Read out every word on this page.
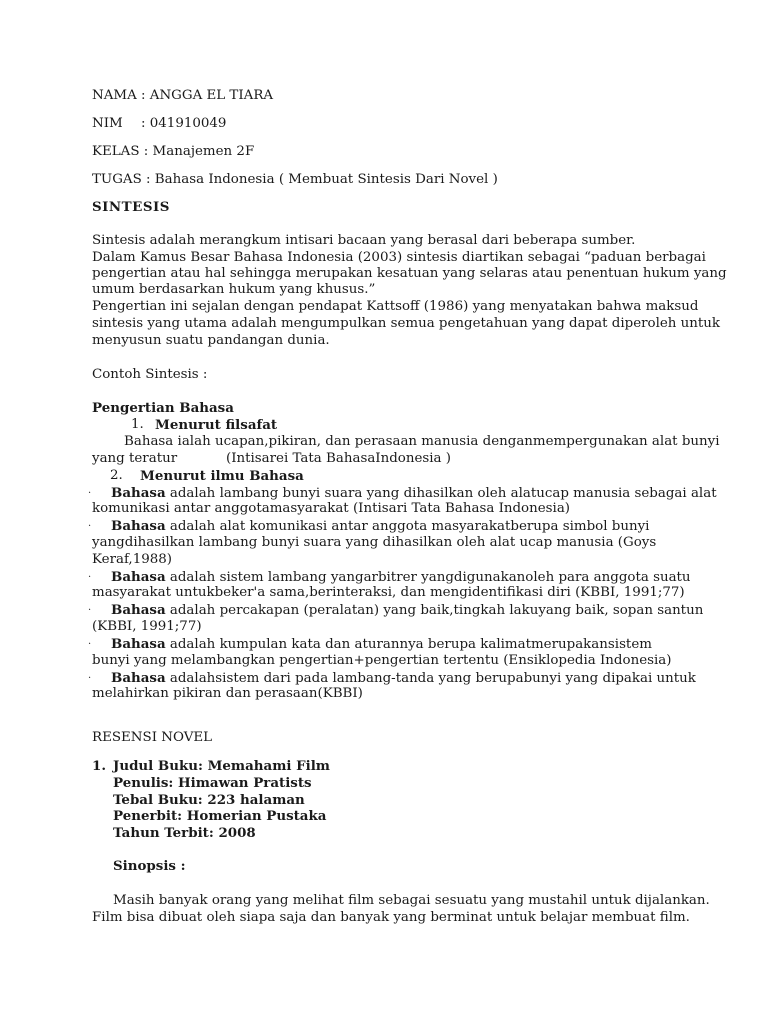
NAMA : ANGGA EL TIARA
NIM : 041910049
KELAS : Manajemen 2F
TUGAS : Bahasa Indonesia ( Membuat Sintesis Dari Novel )
SINTESIS
Sintesis adalah merangkum intisari bacaan yang berasal dari beberapa sumber.
Dalam Kamus Besar Bahasa Indonesia (2003) sintesis diartikan sebagai “paduan berbagai
pengertian atau hal sehingga merupakan kesatuan yang selaras atau penentuan hukum yang
umum berdasarkan hukum yang khusus.”
Pengertian ini sejalan dengan pendapat Kattsoff (1986) yang menyatakan bahwa maksud
sintesis yang utama adalah mengumpulkan semua pengetahuan yang dapat diperoleh untuk
menyusun suatu pandangan dunia.
Contoh Sintesis :
Pengertian Bahasa
1. Menurut filsafat
Bahasa ialah ucapan,pikiran, dan perasaan manusia denganmempergunakan alat bunyi
yang teratur	(Intisarei Tata BahasaIndonesia )
2. Menurut ilmu Bahasa
· Bahasa adalah lambang bunyi suara yang dihasilkan oleh alatucap manusia sebagai alat
komunikasi antar anggotamasyarakat (Intisari Tata Bahasa Indonesia)
· Bahasa adalah alat komunikasi antar anggota masyarakatberupa simbol bunyi
yangdihasilkan lambang bunyi suara yang dihasilkan oleh alat ucap manusia (Goys
Keraf,1988)
· Bahasa adalah sistem lambang yangarbitrer yangdigunakanoleh para anggota suatu
masyarakat untukbeker'a sama,berinteraksi, dan mengidentifikasi diri (KBBI, 1991;77)
· Bahasa adalah percakapan (peralatan) yang baik,tingkah lakuyang baik, sopan santun
(KBBI, 1991;77)
· Bahasa adalah kumpulan kata dan aturannya berupa kalimatmerupakansistem
bunyi yang melambangkan pengertian+pengertian tertentu (Ensiklopedia Indonesia)
· Bahasa adalahsistem dari pada lambang-tanda yang berupabunyi yang dipakai untuk
melahirkan pikiran dan perasaan(KBBI)
RESENSI NOVEL
1. Judul Buku: Memahami Film
Penulis: Himawan Pratists
Tebal Buku: 223 halaman
Penerbit: Homerian Pustaka
Tahun Terbit: 2008
Sinopsis :
Masih banyak orang yang melihat film sebagai sesuatu yang mustahil untuk dijalankan.
Film bisa dibuat oleh siapa saja dan banyak yang berminat untuk belajar membuat film.
